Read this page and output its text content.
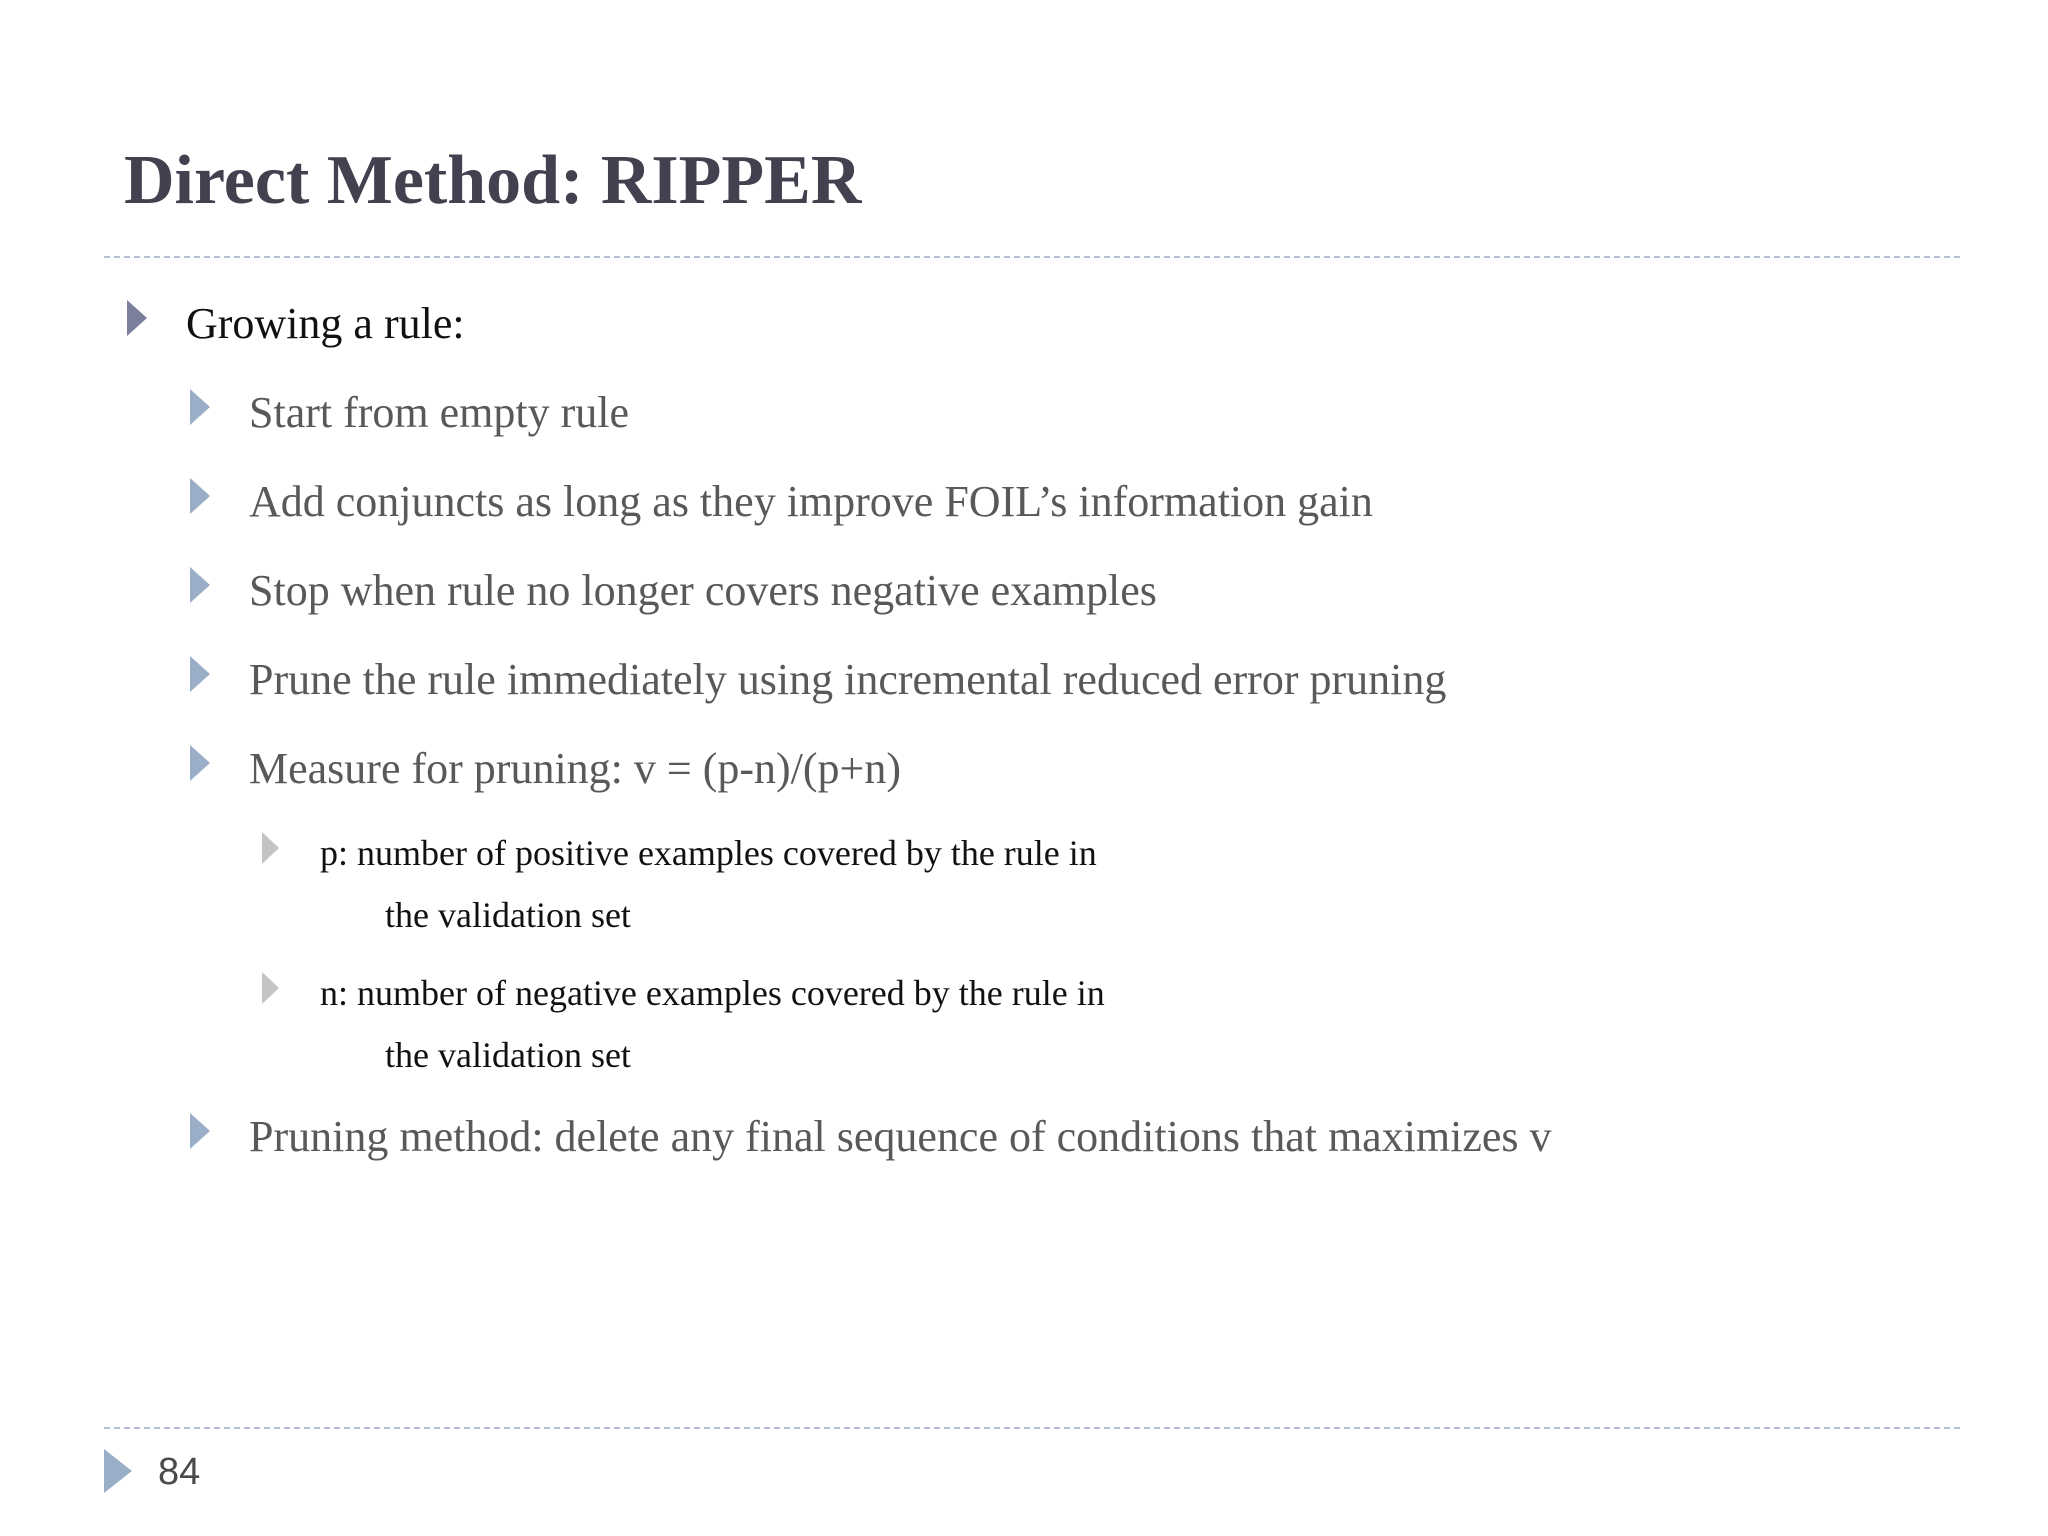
Direct Method: RIPPER
Growing a rule:
Start from empty rule
Add conjuncts as long as they improve FOIL’s information gain
Stop when rule no longer covers negative examples
Prune the rule immediately using incremental reduced error pruning
Measure for pruning: v = (p-n)/(p+n)
p: number of positive examples covered by the rule in
the validation set
n: number of negative examples covered by the rule in
the validation set
Pruning method: delete any final sequence of conditions that maximizes v
84
